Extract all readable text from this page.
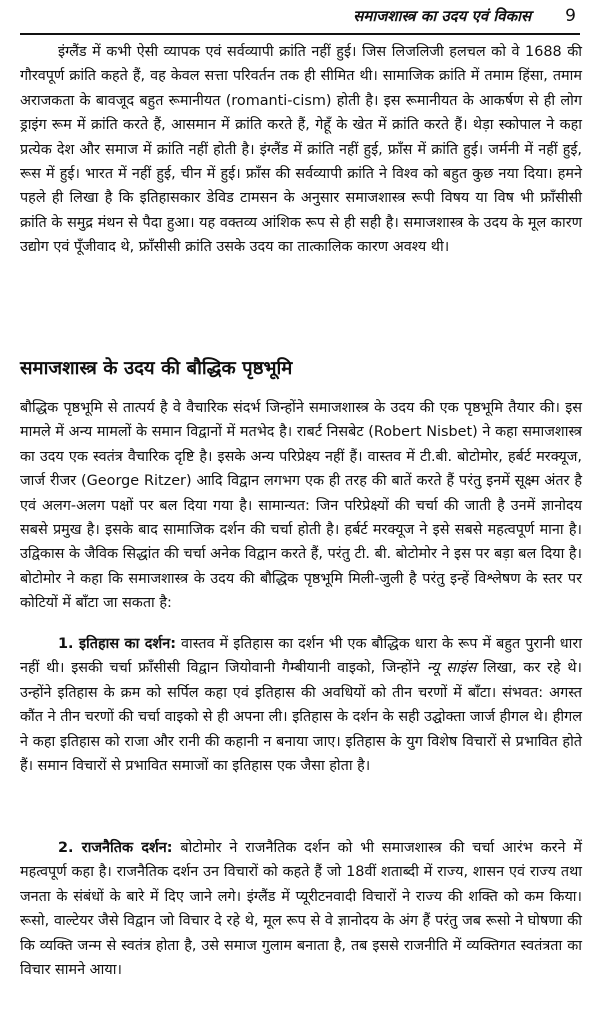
समाजशास्त्र का उदय एवं विकास 9

इंग्लैंड में कभी ऐसी व्यापक एवं सर्वव्यापी क्रांति नहीं हुई। जिस लिजलिजी हलचल को वे 1688 की गौरवपूर्ण क्रांति कहते हैं, वह केवल सत्ता परिवर्तन तक ही सीमित थी। सामाजिक क्रांति में तमाम हिंसा, तमाम अराजकता के बावजूद बहुत रूमानीयत (romanti-cism) होती है। इस रूमानीयत के आकर्षण से ही लोग ड्राइंग रूम में क्रांति करते हैं, आसमान में क्रांति करते हैं, गेहूँ के खेत में क्रांति करते हैं। थेड़ा स्कोपाल ने कहा प्रत्येक देश और समाज में क्रांति नहीं होती है। इंग्लैंड में क्रांति नहीं हुई, फ्राँस में क्रांति हुई। जर्मनी में नहीं हुई, रूस में हुई। भारत में नहीं हुई, चीन में हुई। फ्राँस की सर्वव्यापी क्रांति ने विश्व को बहुत कुछ नया दिया। हमने पहले ही लिखा है कि इतिहासकार डेविड टामसन के अनुसार समाजशास्त्र रूपी विषय या विष भी फ्राँसीसी क्रांति के समुद्र मंथन से पैदा हुआ। यह वक्तव्य आंशिक रूप से ही सही है। समाजशास्त्र के उदय के मूल कारण उद्योग एवं पूँजीवाद थे, फ्राँसीसी क्रांति उसके उदय का तात्कालिक कारण अवश्य थी।

समाजशास्त्र के उदय की बौद्धिक पृष्ठभूमि

बौद्धिक पृष्ठभूमि से तात्पर्य है वे वैचारिक संदर्भ जिन्होंने समाजशास्त्र के उदय की एक पृष्ठभूमि तैयार की। इस मामले में अन्य मामलों के समान विद्वानों में मतभेद है। राबर्ट निसबेट (Robert Nisbet) ने कहा समाजशास्त्र का उदय एक स्वतंत्र वैचारिक दृष्टि है। इसके अन्य परिप्रेक्ष्य नहीं हैं। वास्तव में टी.बी. बोटोमोर, हर्बर्ट मरक्यूज, जार्ज रीजर (George Ritzer) आदि विद्वान लगभग एक ही तरह की बातें करते हैं परंतु इनमें सूक्ष्म अंतर है एवं अलग-अलग पक्षों पर बल दिया गया है। सामान्यत: जिन परिप्रेक्ष्यों की चर्चा की जाती है उनमें ज्ञानोदय सबसे प्रमुख है। इसके बाद सामाजिक दर्शन की चर्चा होती है। हर्बर्ट मरक्यूज ने इसे सबसे महत्वपूर्ण माना है। उद्विकास के जैविक सिद्धांत की चर्चा अनेक विद्वान करते हैं, परंतु टी. बी. बोटोमोर ने इस पर बड़ा बल दिया है। बोटोमोर ने कहा कि समाजशास्त्र के उदय की बौद्धिक पृष्ठभूमि मिली-जुली है परंतु इन्हें विश्लेषण के स्तर पर कोटियों में बाँटा जा सकता है:

1. इतिहास का दर्शन: वास्तव में इतिहास का दर्शन भी एक बौद्धिक धारा के रूप में बहुत पुरानी धारा नहीं थी। इसकी चर्चा फ्राँसीसी विद्वान जियोवानी गैम्बीयानी वाइको, जिन्होंने न्यू साइंस लिखा, कर रहे थे। उन्होंने इतिहास के क्रम को सर्पिल कहा एवं इतिहास की अवधियों को तीन चरणों में बाँटा। संभवत: अगस्त कौंत ने तीन चरणों की चर्चा वाइको से ही अपना ली। इतिहास के दर्शन के सही उद्घोक्ता जार्ज हीगल थे। हीगल ने कहा इतिहास को राजा और रानी की कहानी न बनाया जाए। इतिहास के युग विशेष विचारों से प्रभावित होते हैं। समान विचारों से प्रभावित समाजों का इतिहास एक जैसा होता है।

2. राजनैतिक दर्शन: बोटोमोर ने राजनैतिक दर्शन को भी समाजशास्त्र की चर्चा आरंभ करने में महत्वपूर्ण कहा है। राजनैतिक दर्शन उन विचारों को कहते हैं जो 18वीं शताब्दी में राज्य, शासन एवं राज्य तथा जनता के संबंधों के बारे में दिए जाने लगे। इंग्लैंड में प्यूरीटनवादी विचारों ने राज्य की शक्ति को कम किया। रूसो, वाल्टेयर जैसे विद्वान जो विचार दे रहे थे, मूल रूप से वे ज्ञानोदय के अंग हैं परंतु जब रूसो ने घोषणा की कि व्यक्ति जन्म से स्वतंत्र होता है, उसे समाज गुलाम बनाता है, तब इससे राजनीति में व्यक्तिगत स्वतंत्रता का विचार सामने आया।
